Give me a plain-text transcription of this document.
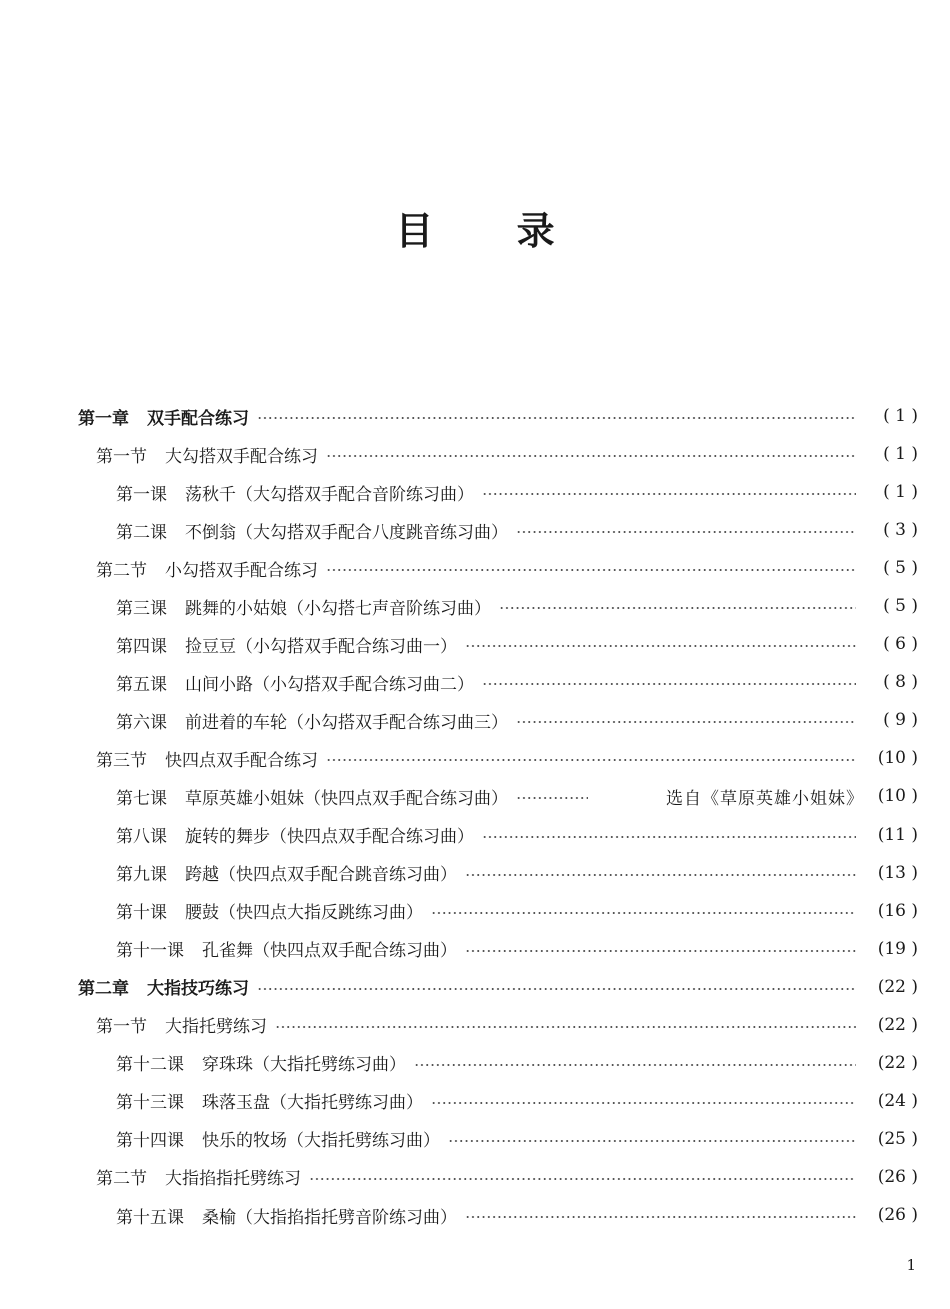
目 录
第一章 双手配合练习	( 1 )
第一节 大勾搭双手配合练习	( 1 )
第一课 荡秋千（大勾搭双手配合音阶练习曲）	( 1 )
第二课 不倒翁（大勾搭双手配合八度跳音练习曲）	( 3 )
第二节 小勾搭双手配合练习	( 5 )
第三课 跳舞的小姑娘（小勾搭七声音阶练习曲）	( 5 )
第四课 捡豆豆（小勾搭双手配合练习曲一）	( 6 )
第五课 山间小路（小勾搭双手配合练习曲二）	( 8 )
第六课 前进着的车轮（小勾搭双手配合练习曲三）	( 9 )
第三节 快四点双手配合练习	(10 )
第七课 草原英雄小姐妹（快四点双手配合练习曲）	选自《草原英雄小姐妹》 (10 )
第八课 旋转的舞步（快四点双手配合练习曲）	(11 )
第九课 跨越（快四点双手配合跳音练习曲）	(13 )
第十课 腰鼓（快四点大指反跳练习曲）	(16 )
第十一课 孔雀舞（快四点双手配合练习曲）	(19 )
第二章 大指技巧练习	(22 )
第一节 大指托劈练习	(22 )
第十二课 穿珠珠（大指托劈练习曲）	(22 )
第十三课 珠落玉盘（大指托劈练习曲）	(24 )
第十四课 快乐的牧场（大指托劈练习曲）	(25 )
第二节 大指掐指托劈练习	(26 )
第十五课 桑榆（大指掐指托劈音阶练习曲）	(26 )
1
